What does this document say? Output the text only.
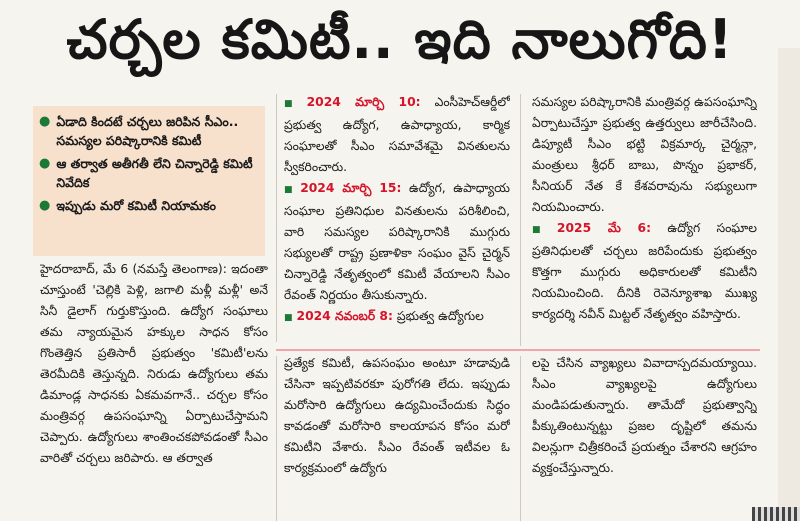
చర్చల కమిటీ.. ఇది నాలుగోది!
● ఏడాది కిందటే చర్చలు జరిపిన సీఎం.. సమస్యల పరిష్కారానికి కమిటీ
● ఆ తర్వాత అతీగతీ లేని చిన్నారెడ్డి కమిటీ నివేదిక
● ఇప్పుడు మరో కమిటీ నియామకం

హైదరాబాద్, మే 6 (నమస్తే తెలంగాణ): ఇదంతా చూస్తుంటే 'చెల్లికి పెళ్లి, జగాలి మళ్లీ మళ్లీ' అనే సినీ డైలాగ్ గుర్తుకొస్తుంది. ఉద్యోగ సంఘాలు తమ న్యాయమైన హక్కుల సాధన కోసం గొంతెత్తిన ప్రతిసారీ ప్రభుత్వం 'కమిటీ'లను తెరమీదికి తెస్తున్నది. నిరుడు ఉద్యోగులు తమ డిమాండ్ల సాధనకు ఏకమవగానే.. చర్చల కోసం మంత్రివర్గ ఉపసంఘాన్ని ఏర్పాటుచేస్తామని చెప్పారు. ఉద్యోగులు శాంతించకపోవడంతో సీఎం వారితో చర్చలు జరిపారు. ఆ తర్వాత

■ 2024 మార్చి 10: ఎంసీహెచ్ఆర్డీలో ప్రభుత్వ ఉద్యోగ, ఉపాధ్యాయ, కార్మిక సంఘాలతో సీఎం సమావేశమై వినతులను స్వీకరించారు.

■ 2024 మార్చి 15: ఉద్యోగ, ఉపాధ్యాయ సంఘాల ప్రతినిధుల వినతులను పరిశీలించి, వారి సమస్యల పరిష్కారానికి ముగ్గురు సభ్యులతో రాష్ట్ర ప్రణాళికా సంఘం వైస్ చైర్మన్ చిన్నారెడ్డి నేతృత్వంలో కమిటీ వేయాలని సీఎం రేవంత్ నిర్ణయం తీసుకున్నారు.

■ 2024 నవంబర్ 8: ప్రభుత్వ ఉద్యోగుల

సమస్యల పరిష్కారానికి మంత్రివర్గ ఉపసంఘాన్ని ఏర్పాటుచేస్తూ ప్రభుత్వ ఉత్తర్వులు జారీచేసింది. డిప్యూటీ సీఎం భట్టి విక్రమార్క చైర్మన్గా, మంత్రులు శ్రీధర్ బాబు, పొన్నం ప్రభాకర్, సీనియర్ నేత కే కేశవరావును సభ్యులుగా నియమించారు.

■ 2025 మే 6: ఉద్యోగ సంఘాల ప్రతినిధులతో చర్చలు జరిపేందుకు ప్రభుత్వం కొత్తగా ముగ్గురు అధికారులతో కమిటీని నియమించింది. దీనికి రెవెన్యూశాఖ ముఖ్య కార్యదర్శి నవీన్ మిట్టల్ నేతృత్వం వహిస్తారు.

ప్రత్యేక కమిటీ, ఉపసంఘం అంటూ హడావుడి చేసినా ఇప్పటివరకూ పురోగతి లేదు. ఇప్పుడు మరోసారి ఉద్యోగులు ఉద్యమించేందుకు సిద్ధం కావడంతో మరోసారి కాలయాపన కోసం మరో కమిటీని వేశారు. సీఎం రేవంత్ ఇటీవల ఓ కార్యక్రమంలో ఉద్యోగు

లపై చేసిన వ్యాఖ్యలు వివాదాస్పదమయ్యాయి. సీఎం వ్యాఖ్యలపై ఉద్యోగులు మండిపడుతున్నారు. తామేదో ప్రభుత్వాన్ని పీక్కుతింటున్నట్టు ప్రజల దృష్టిలో తమను విలన్లుగా చిత్రీకరించే ప్రయత్నం చేశారని ఆగ్రహం వ్యక్తంచేస్తున్నారు.
